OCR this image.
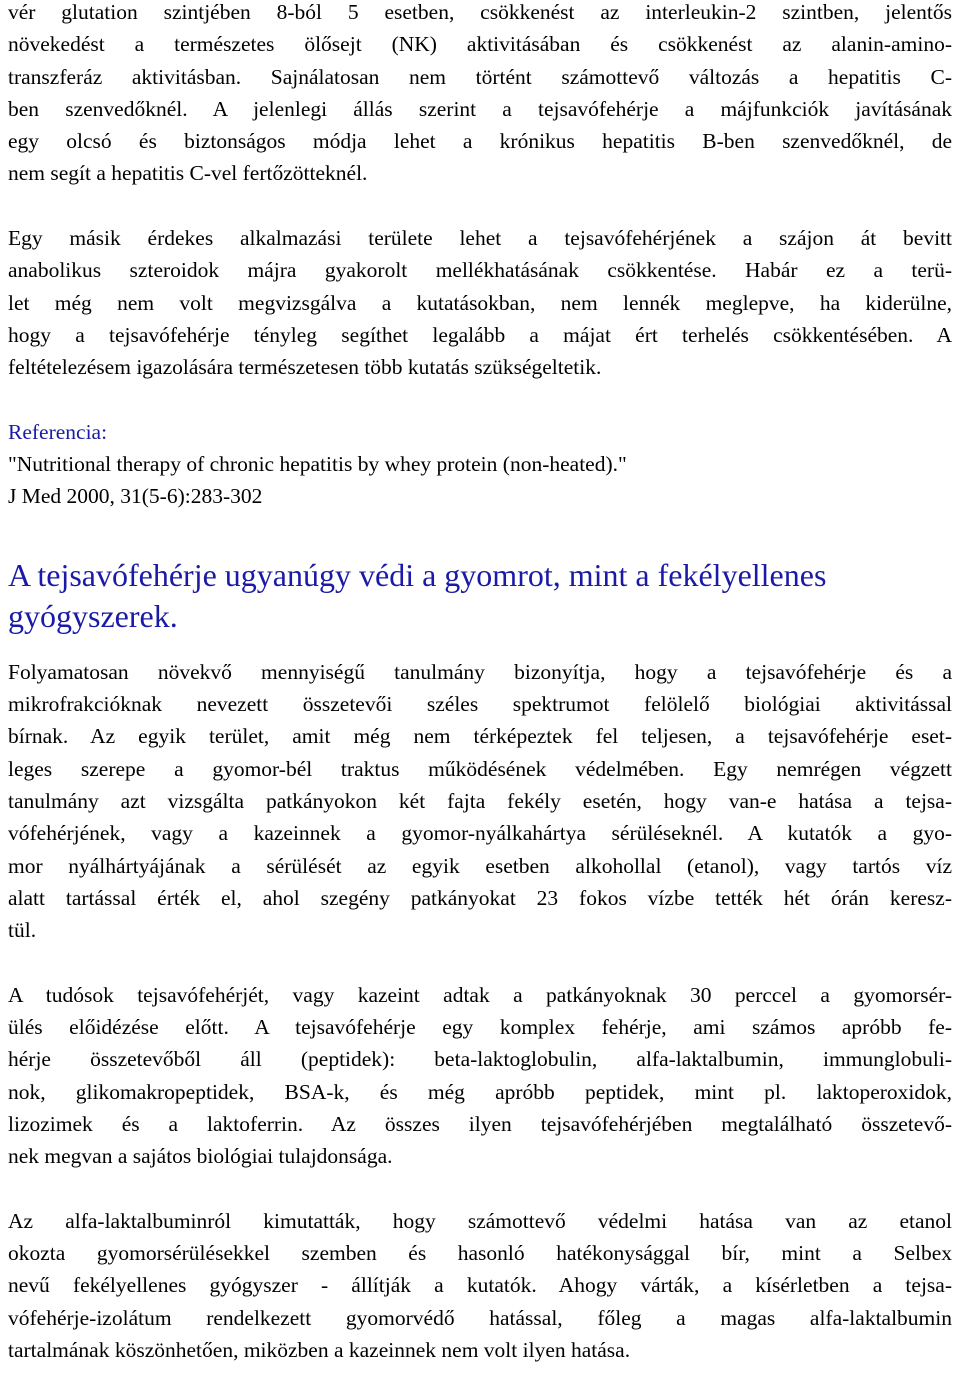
vér glutation szintjében 8-ból 5 esetben, csökkenést az interleukin-2 szintben, jelentős
növekedést a természetes ölősejt (NK) aktivitásában és csökkenést az alanin-amino-
transzferáz aktivitásban. Sajnálatosan nem történt számottevő változás a hepatitis C-
ben szenvedőknél. A jelenlegi állás szerint a tejsavófehérje a májfunkciók javításának
egy olcsó és biztonságos módja lehet a krónikus hepatitis B-ben szenvedőknél, de
nem segít a hepatitis C-vel fertőzötteknél.
Egy másik érdekes alkalmazási területe lehet a tejsavófehérjének a szájon át bevitt
anabolikus szteroidok májra gyakorolt mellékhatásának csökkentése. Habár ez a terü-
let még nem volt megvizsgálva a kutatásokban, nem lennék meglepve, ha kiderülne,
hogy a tejsavófehérje tényleg segíthet legalább a májat ért terhelés csökkentésében. A
feltételezésem igazolására természetesen több kutatás szükségeltetik.
Referencia:
"Nutritional therapy of chronic hepatitis by whey protein (non-heated)."
J Med 2000, 31(5-6):283-302
A tejsavófehérje ugyanúgy védi a gyomrot, mint a fekélyellenes
gyógyszerek.
Folyamatosan növekvő mennyiségű tanulmány bizonyítja, hogy a tejsavófehérje és a
mikrofrakcióknak nevezett összetevői széles spektrumot felölelő biológiai aktivitással
bírnak. Az egyik terület, amit még nem térképeztek fel teljesen, a tejsavófehérje eset-
leges szerepe a gyomor-bél traktus működésének védelmében. Egy nemrégen végzett
tanulmány azt vizsgálta patkányokon két fajta fekély esetén, hogy van-e hatása a tejsa-
vófehérjének, vagy a kazeinnek a gyomor-nyálkahártya sérüléseknél. A kutatók a gyo-
mor nyálhártyájának a sérülését az egyik esetben alkohollal (etanol), vagy tartós víz
alatt tartással érték el, ahol szegény patkányokat 23 fokos vízbe tették hét órán keresz-
tül.
A tudósok tejsavófehérjét, vagy kazeint adtak a patkányoknak 30 perccel a gyomorsér-
ülés előidézése előtt. A tejsavófehérje egy komplex fehérje, ami számos apróbb fe-
hérje összetevőből áll (peptidek): beta-laktoglobulin, alfa-laktalbumin, immunglobuli-
nok, glikomakropeptidek, BSA-k, és még apróbb peptidek, mint pl. laktoperoxidok,
lizozimek és a laktoferrin. Az összes ilyen tejsavófehérjében megtalálható összetevő-
nek megvan a sajátos biológiai tulajdonsága.
Az alfa-laktalbuminról kimutatták, hogy számottevő védelmi hatása van az etanol
okozta gyomorsérülésekkel szemben és hasonló hatékonysággal bír, mint a Selbex
nevű fekélyellenes gyógyszer - állítják a kutatók. Ahogy várták, a kísérletben a tejsa-
vófehérje-izolátum rendelkezett gyomorvédő hatással, főleg a magas alfa-laktalbumin
tartalmának köszönhetően, miközben a kazeinnek nem volt ilyen hatása.
